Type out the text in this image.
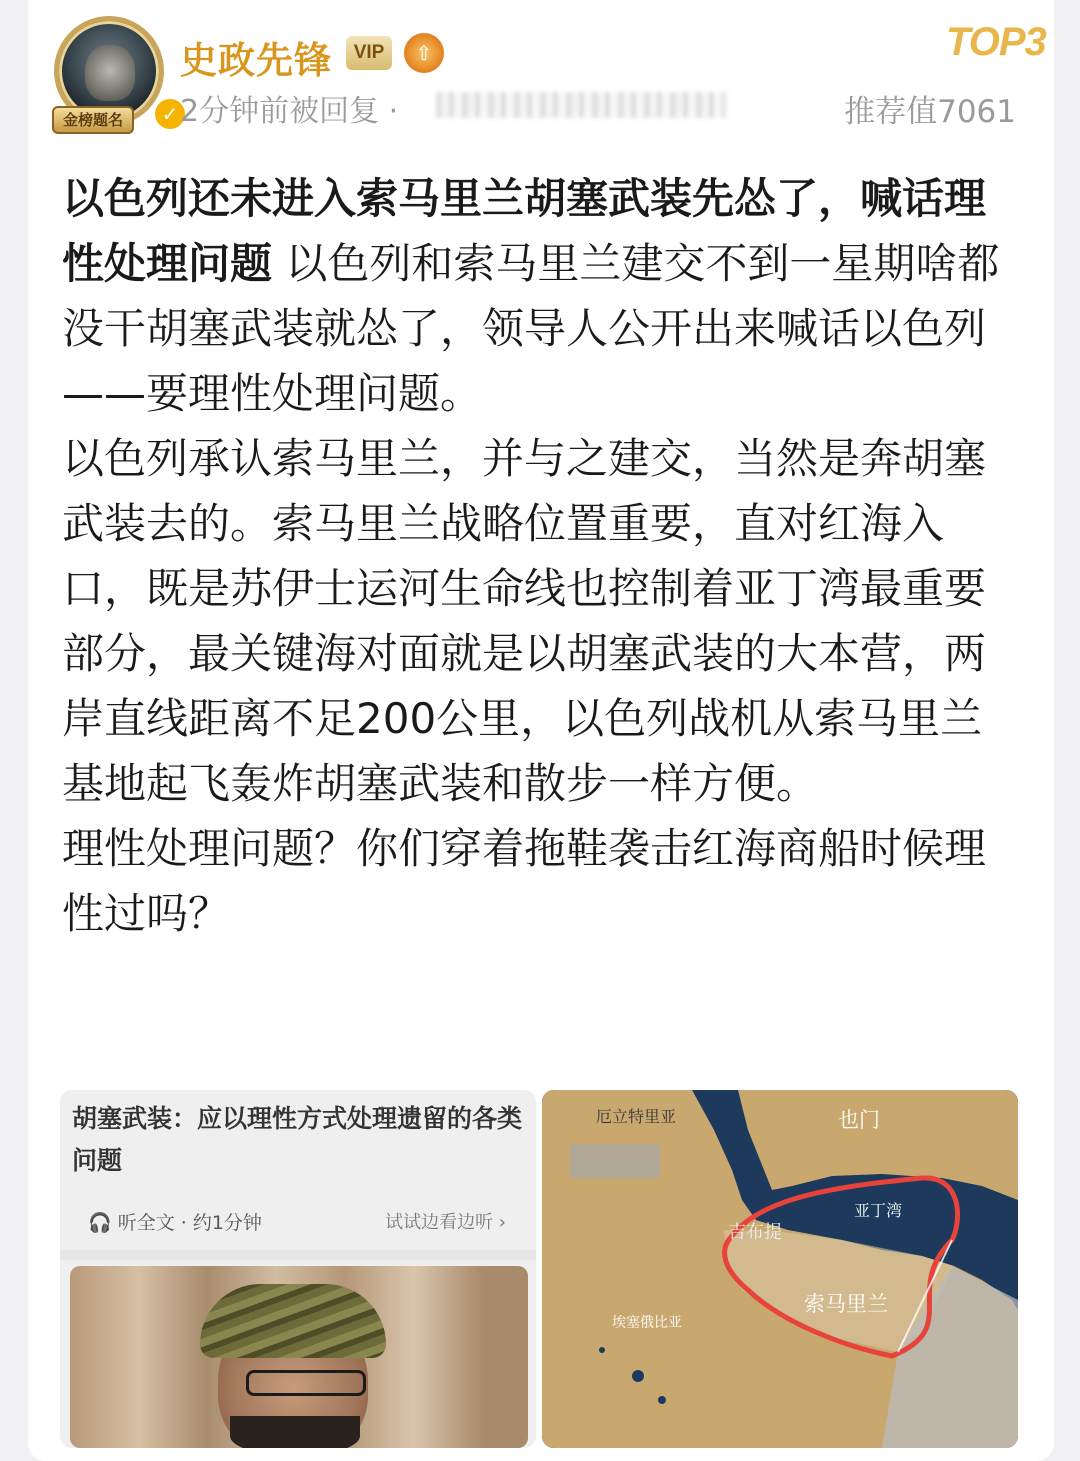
金榜题名	✓
史政先锋	VIP	⇧
2分钟前被回复 ·
TOP3
推荐值7061

以色列还未进入索马里兰胡塞武装先怂了，喊话理性处理问题 以色列和索马里兰建交不到一星期啥都没干胡塞武装就怂了，领导人公开出来喊话以色列——要理性处理问题。

以色列承认索马里兰，并与之建交，当然是奔胡塞武装去的。索马里兰战略位置重要，直对红海入口，既是苏伊士运河生命线也控制着亚丁湾最重要部分，最关键海对面就是以胡塞武装的大本营，两岸直线距离不足200公里，以色列战机从索马里兰基地起飞轰炸胡塞武装和散步一样方便。

理性处理问题？你们穿着拖鞋袭击红海商船时候理性过吗？

胡塞武装：应以理性方式处理遗留的各类问题
🎧 听全文 · 约1分钟	试试边看边听 ›
厄立特里亚	也门
亚丁湾
吉布提
索马里兰
埃塞俄比亚
